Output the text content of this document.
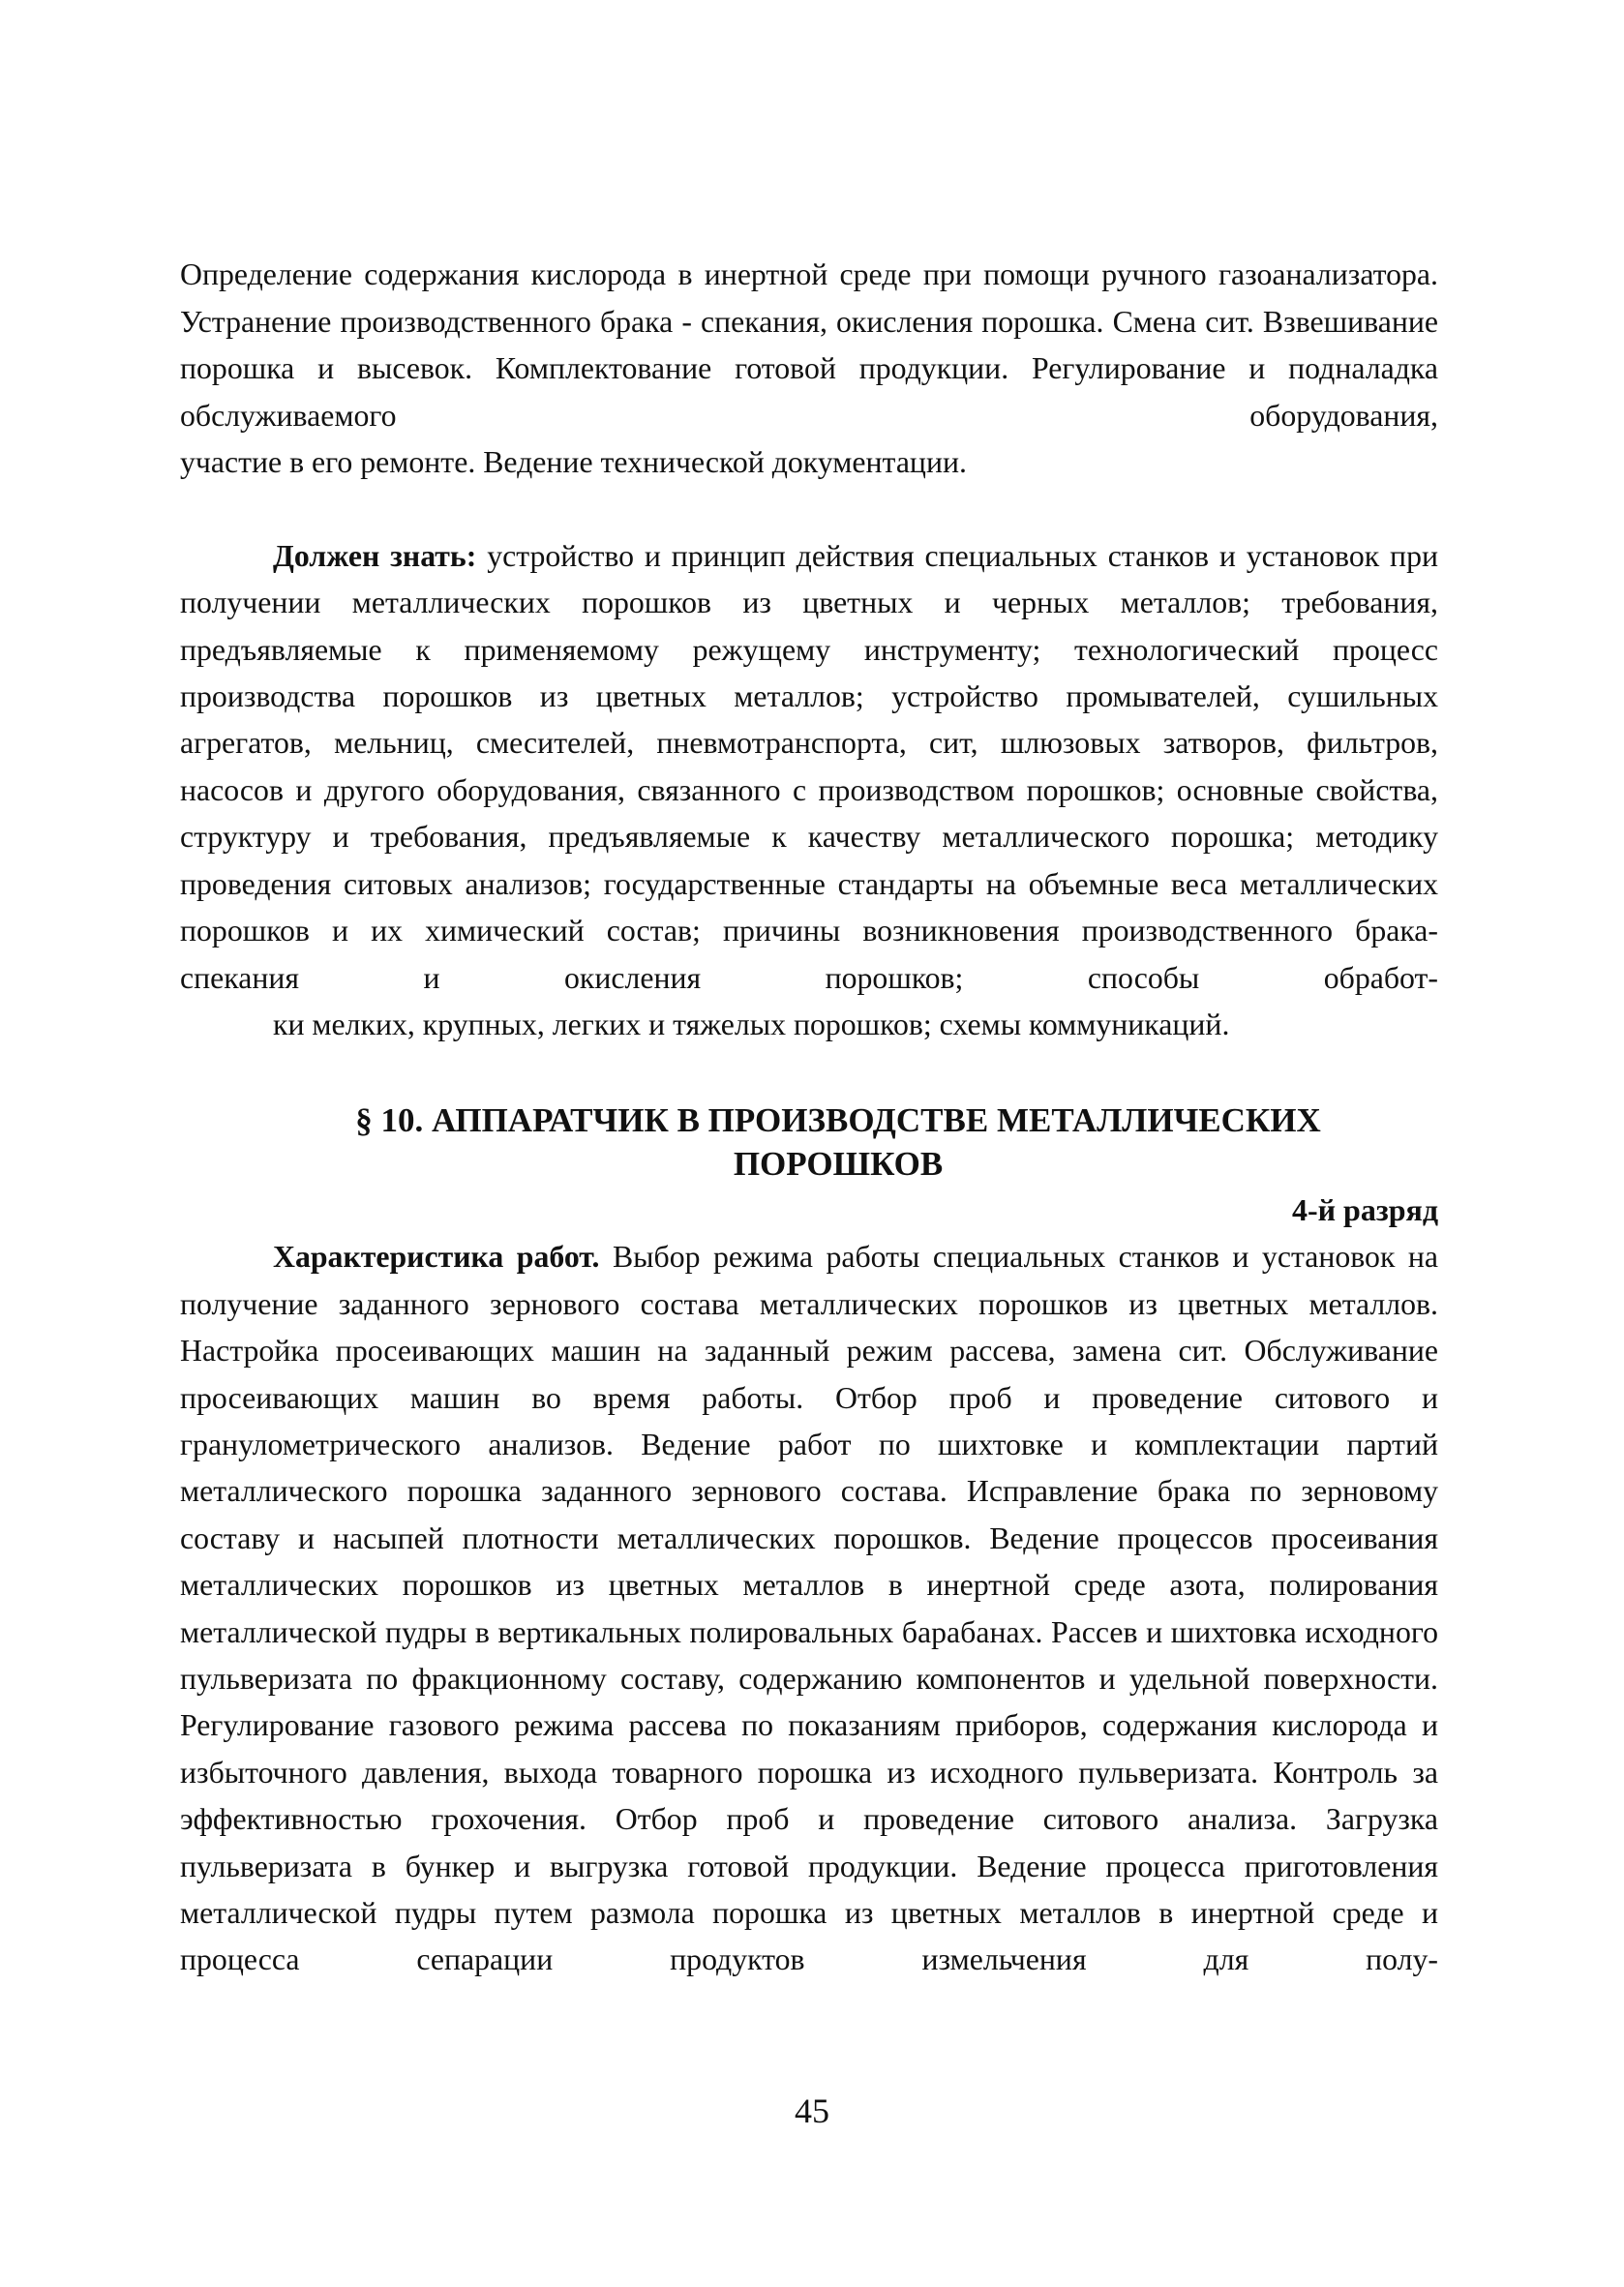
Определение содержания кислорода в инертной среде при помощи ручного газоанализатора. Устранение производственного брака - спекания, окисления порошка. Смена сит. Взвешивание порошка и высевок. Комплектование готовой продукции. Регулирование и подналадка обслуживаемого оборудования,

участие в его ремонте. Ведение технической документации.

Должен знать: устройство и принцип действия специальных станков и установок при получении металлических порошков из цветных и черных металлов; требования, предъявляемые к применяемому режущему инструменту; технологический процесс производства порошков из цветных металлов; устройство промывателей, сушильных агрегатов, мельниц, смесителей, пневмотранспорта, сит, шлюзовых затворов, фильтров, насосов и другого оборудования, связанного с производством порошков; основные свойства, структуру и требования, предъявляемые к качеству металлического порошка; методику проведения ситовых анализов; государственные стандарты на объемные веса металлических порошков и их химический состав; причины возникновения производственного брака- спекания и окисления порошков; способы обработ-
ки мелких, крупных, легких и тяжелых порошков; схемы коммуникаций.

§ 10. АППАРАТЧИК В ПРОИЗВОДСТВЕ МЕТАЛЛИЧЕСКИХ
ПОРОШКОВ

4-й разряд

Характеристика работ. Выбор режима работы специальных станков и установок на получение заданного зернового состава металлических порошков из цветных металлов. Настройка просеивающих машин на заданный режим рассева, замена сит. Обслуживание просеивающих машин во время работы. Отбор проб и проведение ситового и гранулометрического анализов. Ведение работ по шихтовке и комплектации партий металлического порошка заданного зернового состава. Исправление брака по зерновому составу и насыпей плотности металлических порошков. Ведение процессов просеивания металлических порошков из цветных металлов в инертной среде азота, полирования металлической пудры в вертикальных полировальных барабанах. Рассев и шихтовка исходного пульверизата по фракционному составу, содержанию компонентов и удельной поверхности. Регулирование газового режима рассева по показаниям приборов, содержания кислорода и избыточного давления, выхода товарного порошка из исходного пульверизата. Контроль за эффективностью грохочения. Отбор проб и проведение ситового анализа. Загрузка пульверизата в бункер и выгрузка готовой продукции. Ведение процесса приготовления металлической пудры путем размола порошка из цветных металлов в инертной среде и процесса сепарации продуктов измельчения для полу-

45
